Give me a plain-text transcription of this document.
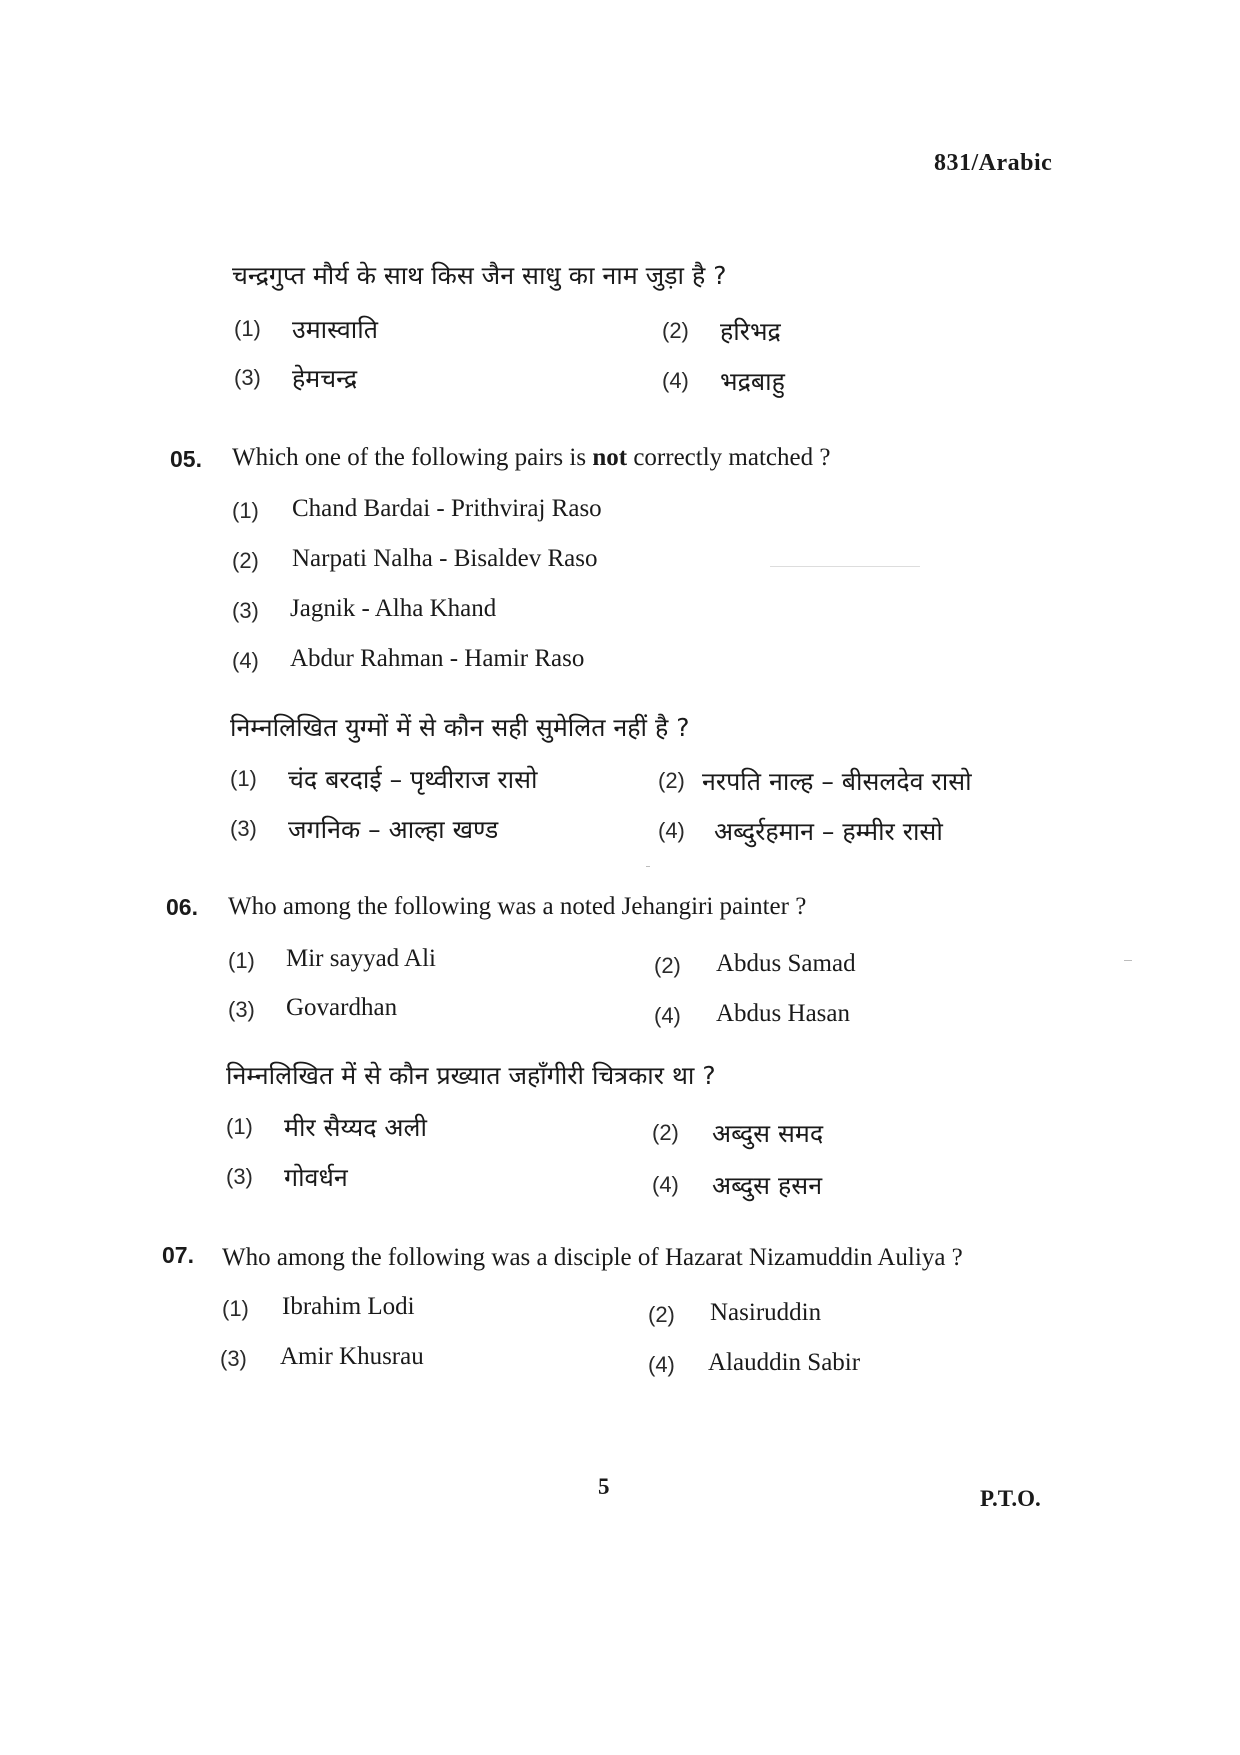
831/Arabic
चन्द्रगुप्त मौर्य के साथ किस जैन साधु का नाम जुड़ा है ?
(1) उमास्वाति	(2) हरिभद्र
(3) हेमचन्द्र	(4) भद्रबाहु
05. Which one of the following pairs is not correctly matched ?
(1) Chand Bardai - Prithviraj Raso
(2) Narpati Nalha - Bisaldev Raso
(3) Jagnik - Alha Khand
(4) Abdur Rahman - Hamir Raso
निम्नलिखित युग्मों में से कौन सही सुमेलित नहीं है ?
(1) चंद बरदाई – पृथ्वीराज रासो	(2) नरपति नाल्ह – बीसलदेव रासो
(3) जगनिक – आल्हा खण्ड	(4) अब्दुर्रहमान – हम्मीर रासो
06. Who among the following was a noted Jehangiri painter ?
(1) Mir sayyad Ali	(2) Abdus Samad
(3) Govardhan	(4) Abdus Hasan
निम्नलिखित में से कौन प्रख्यात जहाँगीरी चित्रकार था ?
(1) मीर सैय्यद अली	(2) अब्दुस समद
(3) गोवर्धन	(4) अब्दुस हसन
07. Who among the following was a disciple of Hazarat Nizamuddin Auliya ?
(1) Ibrahim Lodi	(2) Nasiruddin
(3) Amir Khusrau	(4) Alauddin Sabir
5	P.T.O.
